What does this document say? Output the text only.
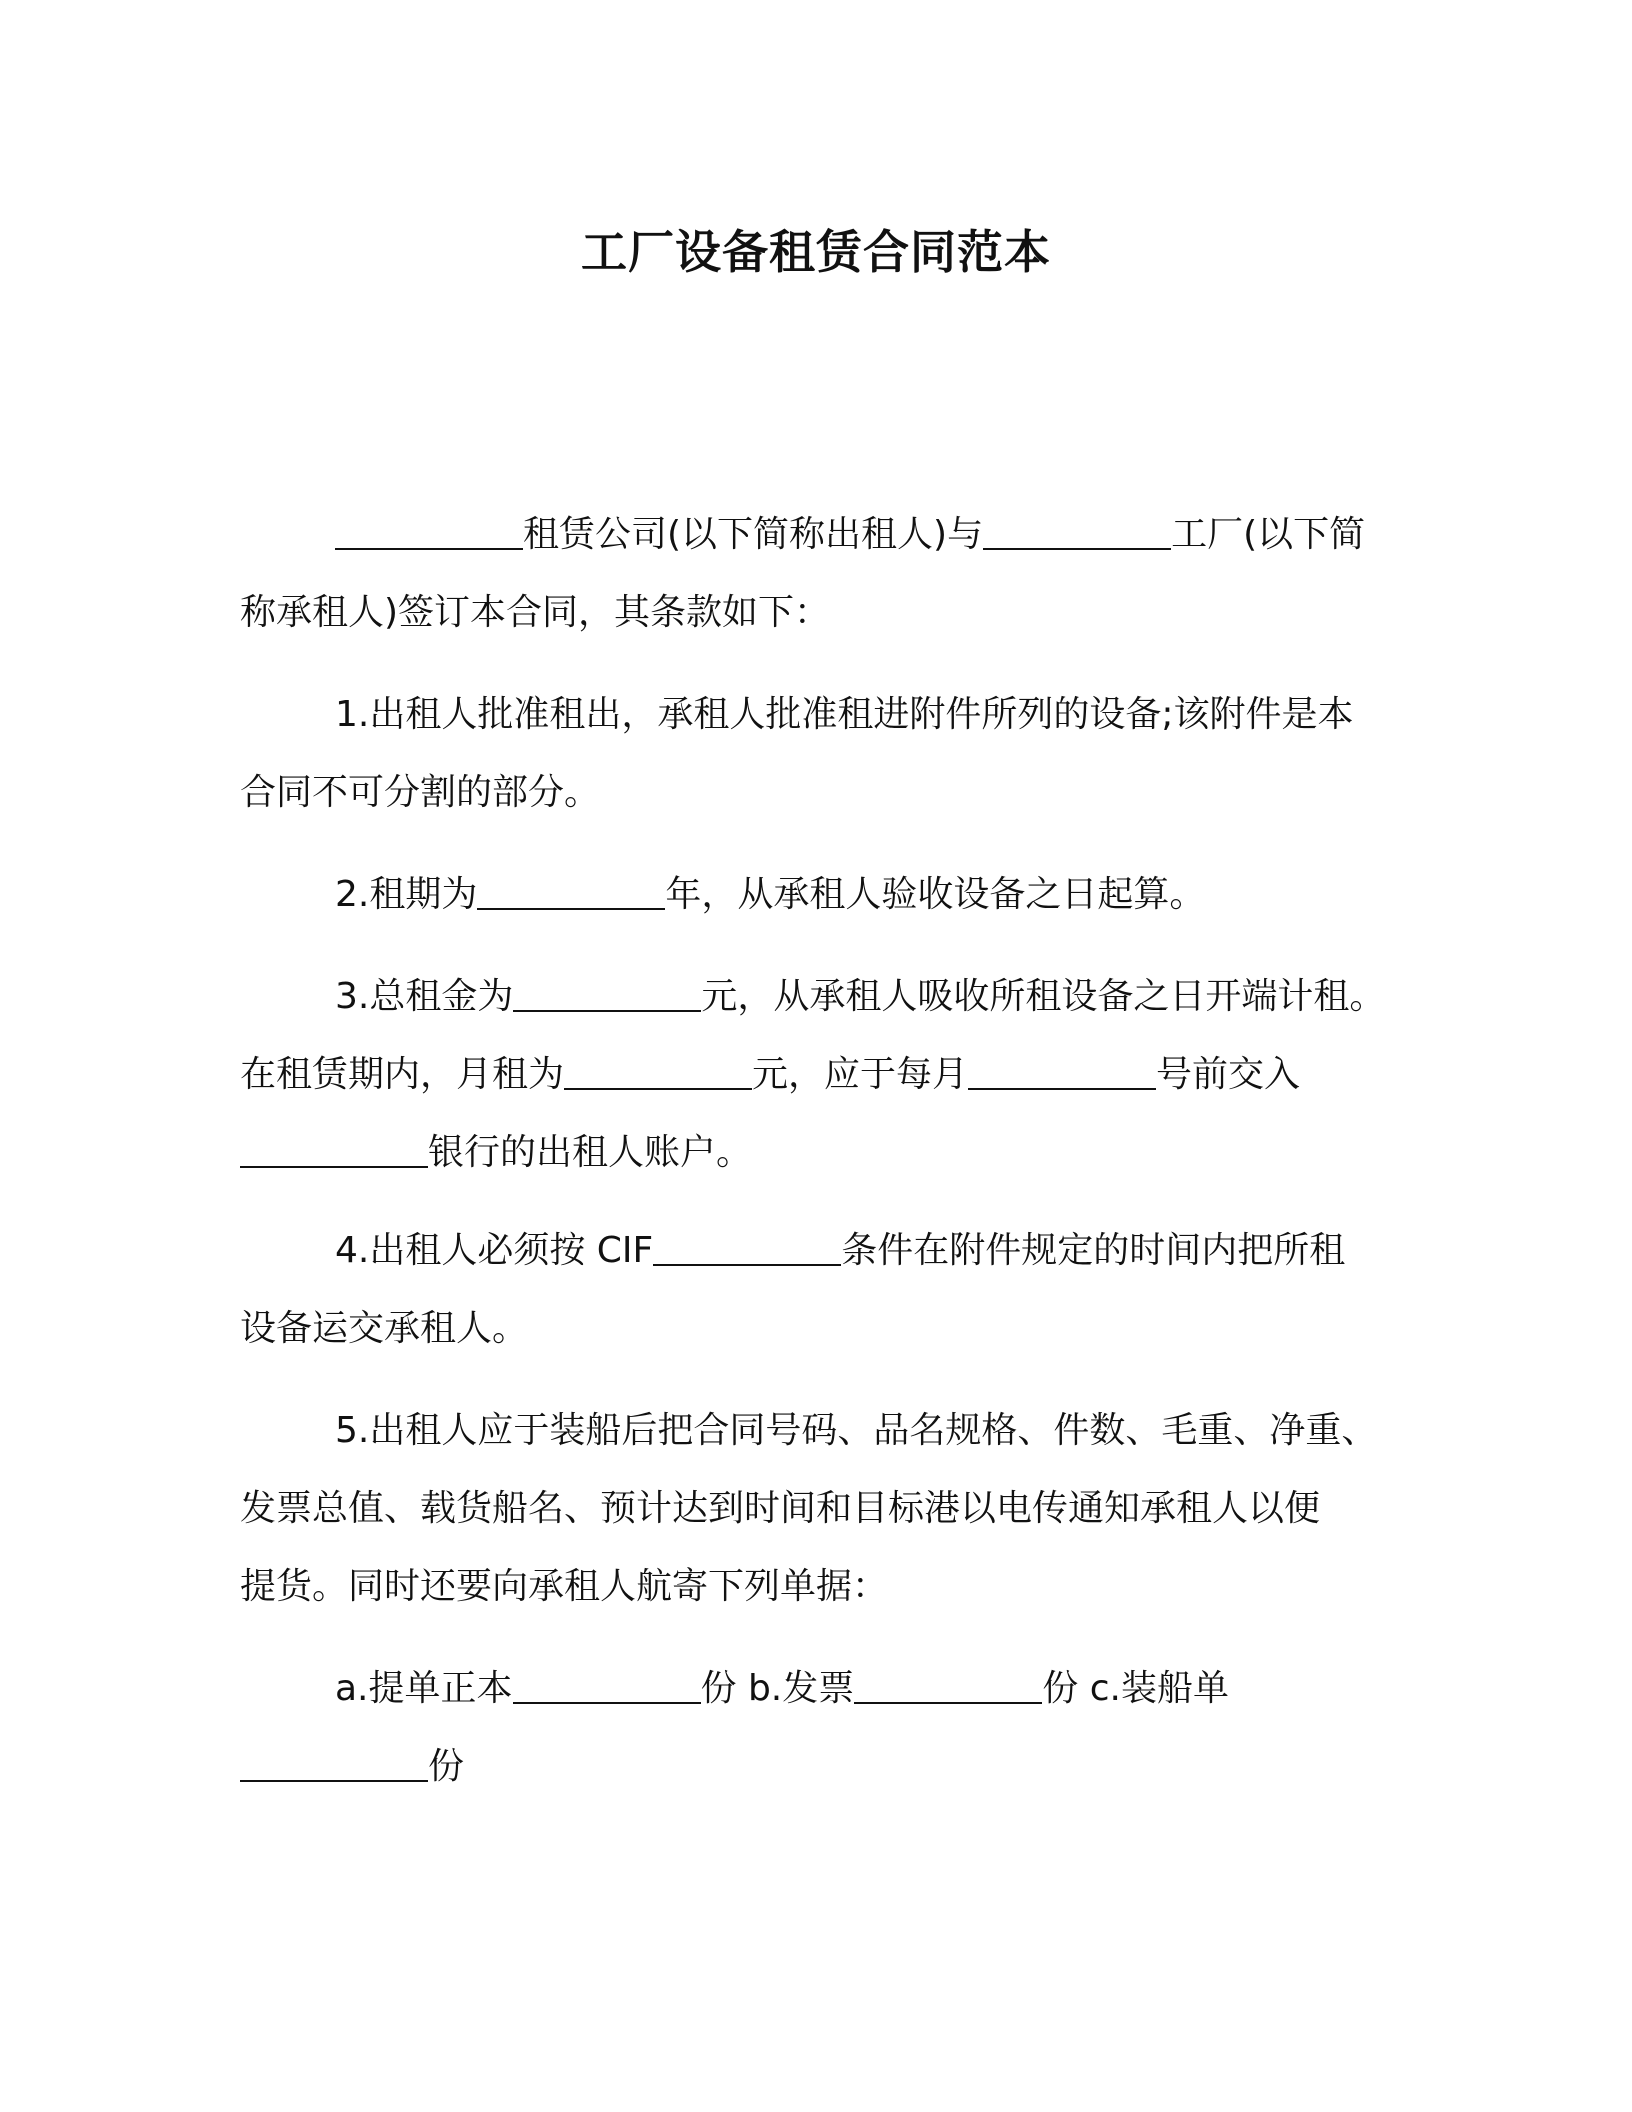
工厂设备租赁合同范本
租赁公司(以下简称出租人)与	工厂(以下简
称承租人)签订本合同，其条款如下：
1.出租人批准租出，承租人批准租进附件所列的设备;该附件是本
合同不可分割的部分。
2.租期为	年，从承租人验收设备之日起算。
3.总租金为	元，从承租人吸收所租设备之日开端计租。
在租赁期内，月租为	元，应于每月	号前交入
银行的出租人账户。
4.出租人必须按 CIF	条件在附件规定的时间内把所租
设备运交承租人。
5.出租人应于装船后把合同号码、品名规格、件数、毛重、净重、
发票总值、载货船名、预计达到时间和目标港以电传通知承租人以便
提货。同时还要向承租人航寄下列单据：
a.提单正本	份 b.发票	份 c.装船单
份
